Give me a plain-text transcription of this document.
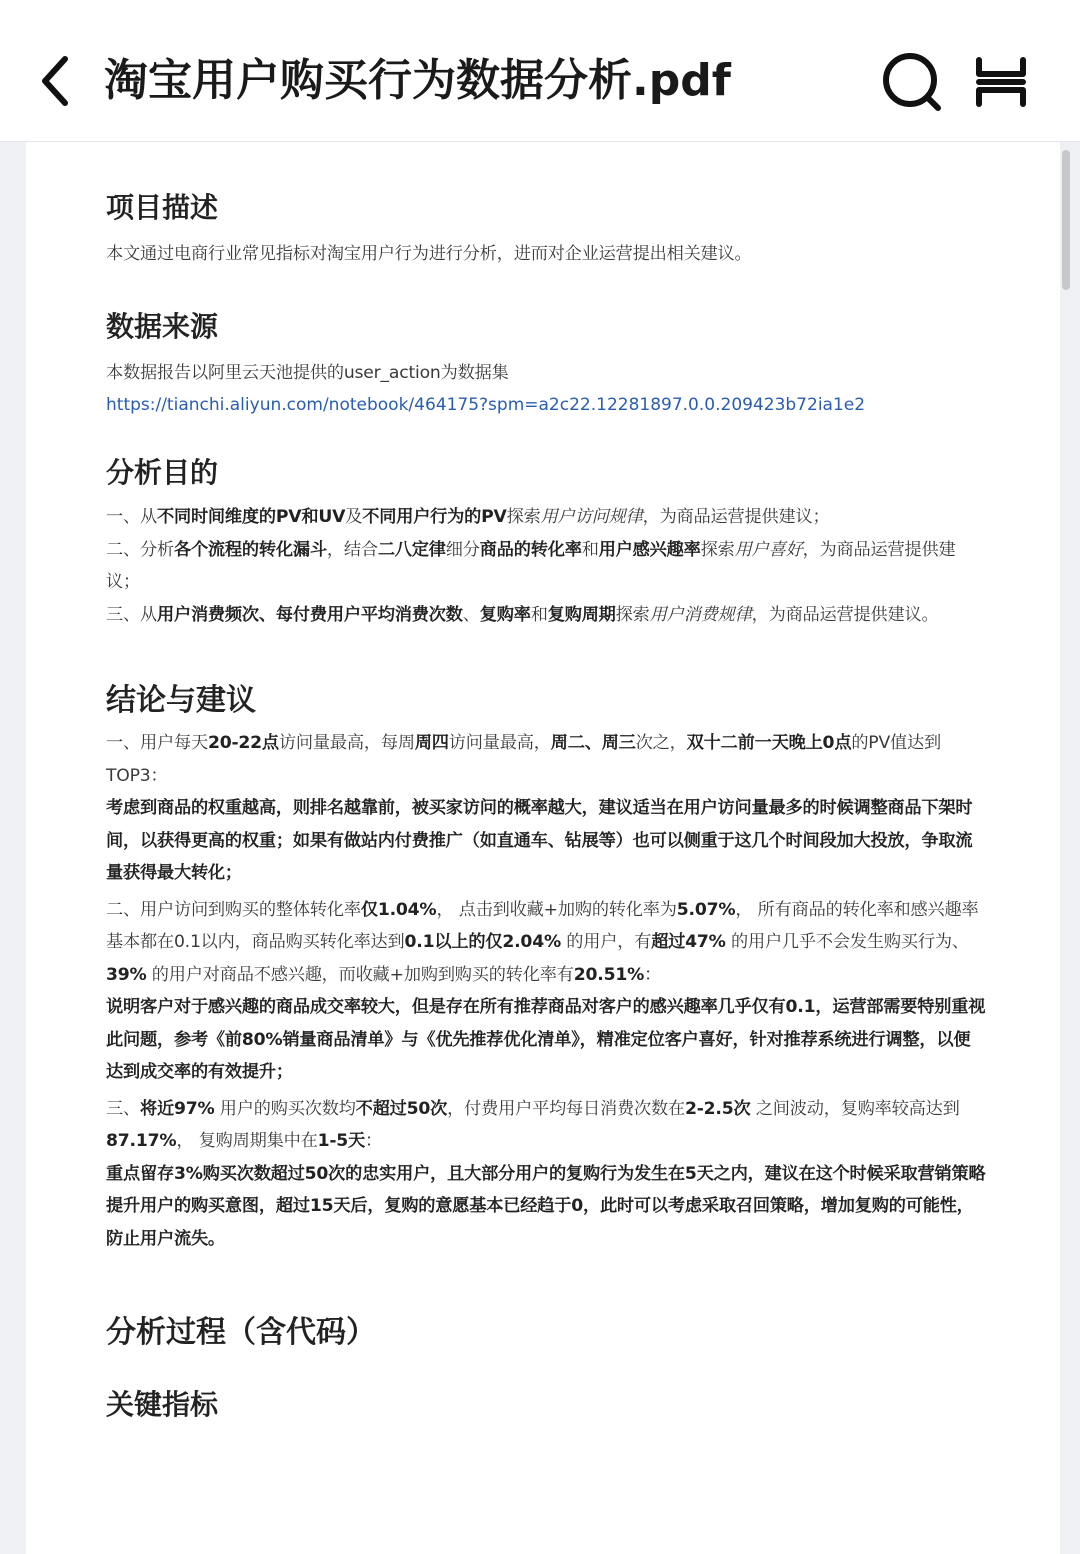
淘宝用户购买行为数据分析.pdf
项目描述

本文通过电商行业常见指标对淘宝用户行为进行分析，进而对企业运营提出相关建议。

数据来源

本数据报告以阿里云天池提供的user_action为数据集

https://tianchi.aliyun.com/notebook/464175?spm=a2c22.12281897.0.0.209423b72ia1e2
分析目的

一、从不同时间维度的PV和UV及不同用户行为的PV探索用户访问规律，为商品运营提供建议；

二、分析各个流程的转化漏斗，结合二八定律细分商品的转化率和用户感兴趣率探索用户喜好，为商品运营提供建议；

三、从用户消费频次、每付费用户平均消费次数、复购率和复购周期探索用户消费规律，为商品运营提供建议。

结论与建议

一、用户每天20-22点访问量最高，每周周四访问量最高，周二、周三次之，双十二前一天晚上0点的PV值达到TOP3：

考虑到商品的权重越高，则排名越靠前，被买家访问的概率越大，建议适当在用户访问量最多的时候调整商品下架时间，以获得更高的权重；如果有做站内付费推广（如直通车、钻展等）也可以侧重于这几个时间段加大投放，争取流量获得最大转化；

二、用户访问到购买的整体转化率仅1.04%， 点击到收藏+加购的转化率为5.07%， 所有商品的转化率和感兴趣率基本都在0.1以内，商品购买转化率达到0.1以上的仅2.04% 的用户，有超过47% 的用户几乎不会发生购买行为、39% 的用户对商品不感兴趣，而收藏+加购到购买的转化率有20.51%：

说明客户对于感兴趣的商品成交率较大，但是存在所有推荐商品对客户的感兴趣率几乎仅有0.1，运营部需要特别重视此问题，参考《前80%销量商品清单》与《优先推荐优化清单》，精准定位客户喜好，针对推荐系统进行调整，以便达到成交率的有效提升；

三、将近97% 用户的购买次数均不超过50次，付费用户平均每日消费次数在2-2.5次 之间波动，复购率较高达到87.17%， 复购周期集中在1-5天：

重点留存3%购买次数超过50次的忠实用户，且大部分用户的复购行为发生在5天之内，建议在这个时候采取营销策略提升用户的购买意图，超过15天后，复购的意愿基本已经趋于0，此时可以考虑采取召回策略，增加复购的可能性，防止用户流失。

分析过程（含代码）
关键指标
